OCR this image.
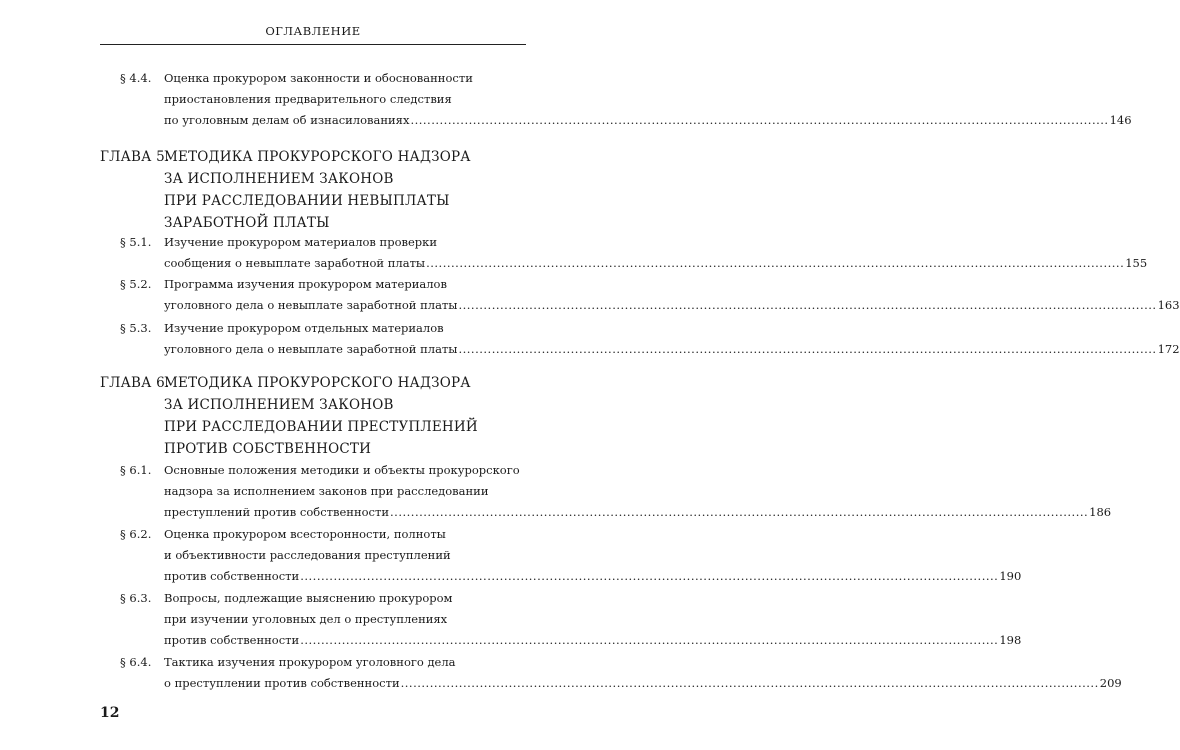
ОГЛАВЛЕНИЕ
§ 4.4.	Оценка прокурором законности и обоснованности
приостановления предварительного следствия
по уголовным делам об изнасилованиях ........................................................................................................................................................................ 146
ГЛАВА 5.
МЕТОДИКА ПРОКУРОРСКОГО НАДЗОРА
ЗА ИСПОЛНЕНИЕМ ЗАКОНОВ
ПРИ РАССЛЕДОВАНИИ НЕВЫПЛАТЫ
ЗАРАБОТНОЙ ПЛАТЫ
§ 5.1.	Изучение прокурором материалов проверки
сообщения о невыплате заработной платы ........................................................................................................................................................................ 155
§ 5.2.	Программа изучения прокурором материалов
уголовного дела о невыплате заработной платы ........................................................................................................................................................................ 163
§ 5.3.	Изучение прокурором отдельных материалов
уголовного дела о невыплате заработной платы ........................................................................................................................................................................ 172
ГЛАВА 6.
МЕТОДИКА ПРОКУРОРСКОГО НАДЗОРА
ЗА ИСПОЛНЕНИЕМ ЗАКОНОВ
ПРИ РАССЛЕДОВАНИИ ПРЕСТУПЛЕНИЙ
ПРОТИВ СОБСТВЕННОСТИ
§ 6.1.	Основные положения методики и объекты прокурорского
надзора за исполнением законов при расследовании
преступлений против собственности ........................................................................................................................................................................ 186
§ 6.2.	Оценка прокурором всесторонности, полноты
и объективности расследования преступлений
против собственности ........................................................................................................................................................................ 190
§ 6.3.	Вопросы, подлежащие выяснению прокурором
при изучении уголовных дел о преступлениях
против собственности ........................................................................................................................................................................ 198
§ 6.4.	Тактика изучения прокурором уголовного дела
о преступлении против собственности ........................................................................................................................................................................ 209
12
